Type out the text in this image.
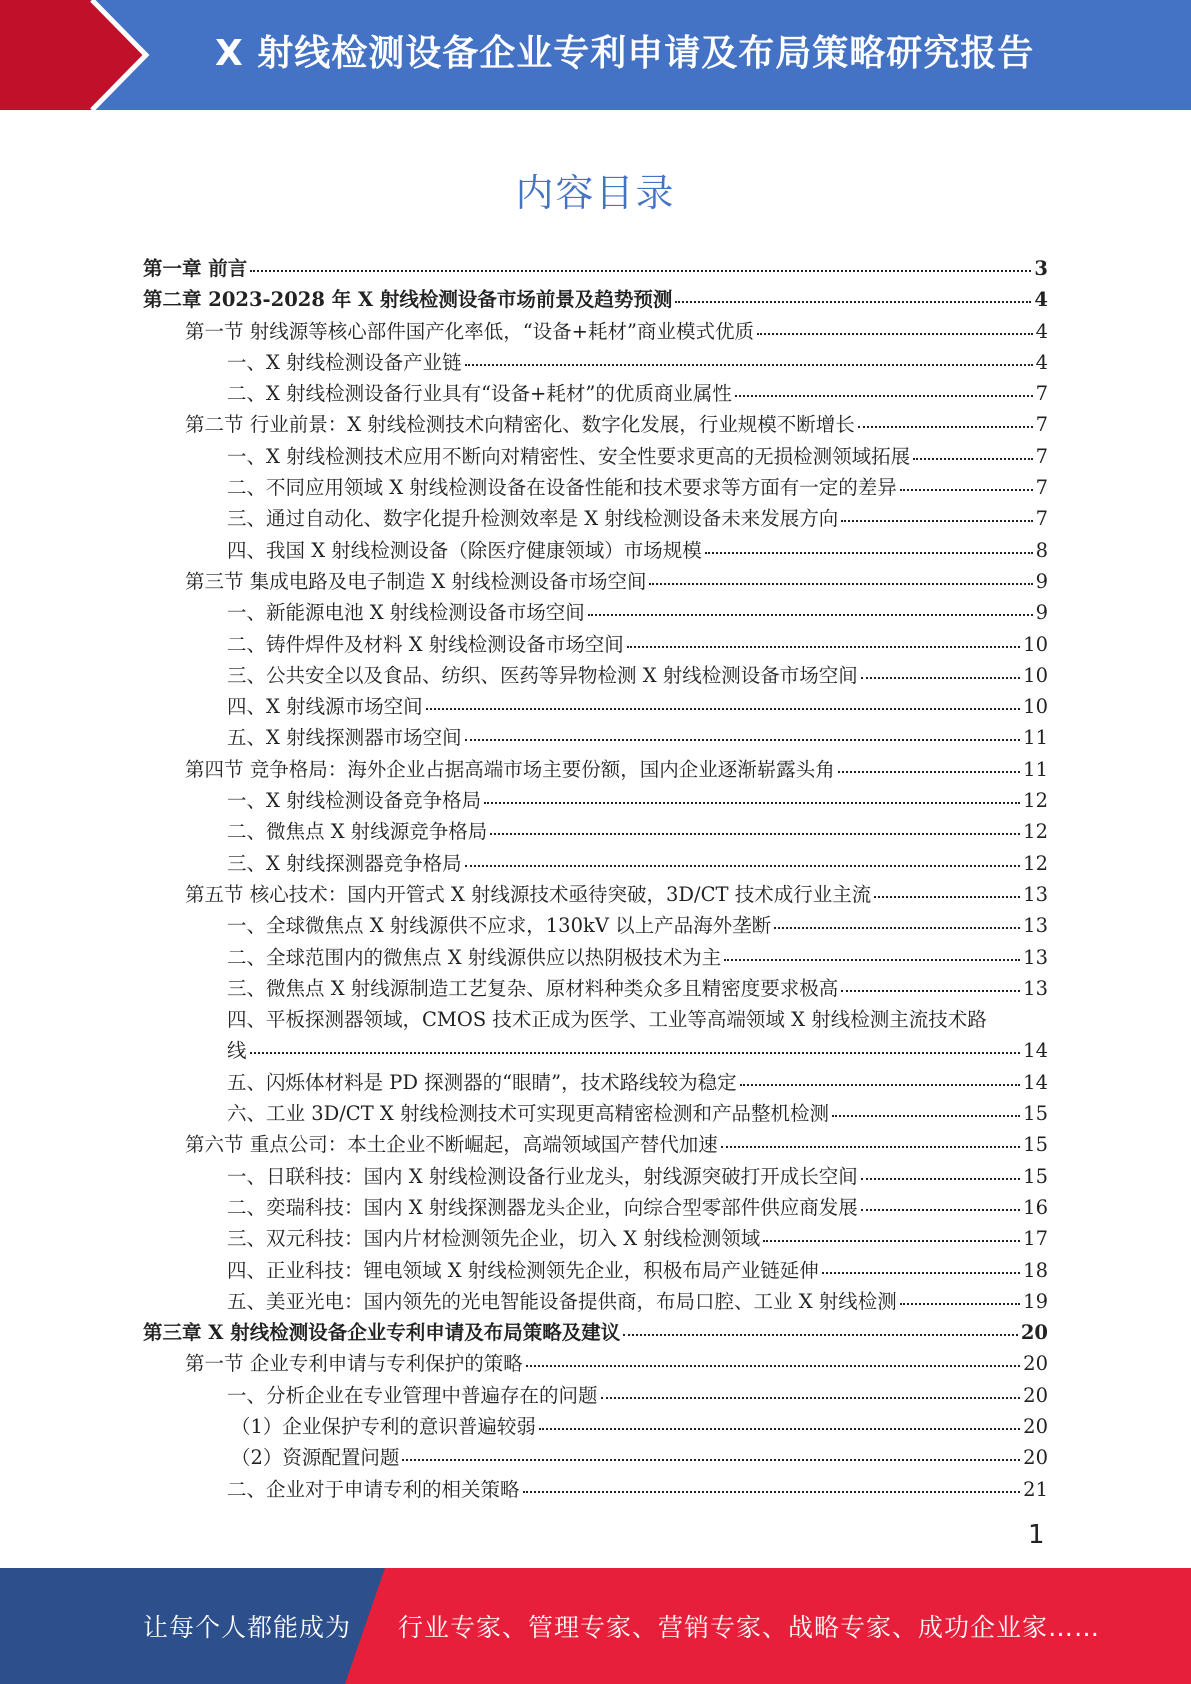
X 射线检测设备企业专利申请及布局策略研究报告
内容目录
第一章 前言	3
第二章 2023-2028 年 X 射线检测设备市场前景及趋势预测	4
第一节 射线源等核心部件国产化率低，“设备+耗材”商业模式优质	4
一、X 射线检测设备产业链	4
二、X 射线检测设备行业具有“设备+耗材”的优质商业属性	7
第二节 行业前景：X 射线检测技术向精密化、数字化发展，行业规模不断增长	7
一、X 射线检测技术应用不断向对精密性、安全性要求更高的无损检测领域拓展	7
二、不同应用领域 X 射线检测设备在设备性能和技术要求等方面有一定的差异	7
三、通过自动化、数字化提升检测效率是 X 射线检测设备未来发展方向	7
四、我国 X 射线检测设备（除医疗健康领域）市场规模	8
第三节 集成电路及电子制造 X 射线检测设备市场空间	9
一、新能源电池 X 射线检测设备市场空间	9
二、铸件焊件及材料 X 射线检测设备市场空间	10
三、公共安全以及食品、纺织、医药等异物检测 X 射线检测设备市场空间	10
四、X 射线源市场空间	10
五、X 射线探测器市场空间	11
第四节 竞争格局：海外企业占据高端市场主要份额，国内企业逐渐崭露头角	11
一、X 射线检测设备竞争格局	12
二、微焦点 X 射线源竞争格局	12
三、X 射线探测器竞争格局	12
第五节 核心技术：国内开管式 X 射线源技术亟待突破，3D/CT 技术成行业主流	13
一、全球微焦点 X 射线源供不应求，130kV 以上产品海外垄断	13
二、全球范围内的微焦点 X 射线源供应以热阴极技术为主	13
三、微焦点 X 射线源制造工艺复杂、原材料种类众多且精密度要求极高	13
四、平板探测器领域，CMOS 技术正成为医学、工业等高端领域 X 射线检测主流技术路
线	14
五、闪烁体材料是 PD 探测器的“眼睛”，技术路线较为稳定	14
六、工业 3D/CT X 射线检测技术可实现更高精密检测和产品整机检测	15
第六节 重点公司：本土企业不断崛起，高端领域国产替代加速	15
一、日联科技：国内 X 射线检测设备行业龙头，射线源突破打开成长空间	15
二、奕瑞科技：国内 X 射线探测器龙头企业，向综合型零部件供应商发展	16
三、双元科技：国内片材检测领先企业，切入 X 射线检测领域	17
四、正业科技：锂电领域 X 射线检测领先企业，积极布局产业链延伸	18
五、美亚光电：国内领先的光电智能设备提供商，布局口腔、工业 X 射线检测	19
第三章 X 射线检测设备企业专利申请及布局策略及建议	20
第一节 企业专利申请与专利保护的策略	20
一、分析企业在专业管理中普遍存在的问题	20
（1）企业保护专利的意识普遍较弱	20
（2）资源配置问题	20
二、企业对于申请专利的相关策略	21
1
让每个人都能成为 行业专家、管理专家、营销专家、战略专家、成功企业家……
